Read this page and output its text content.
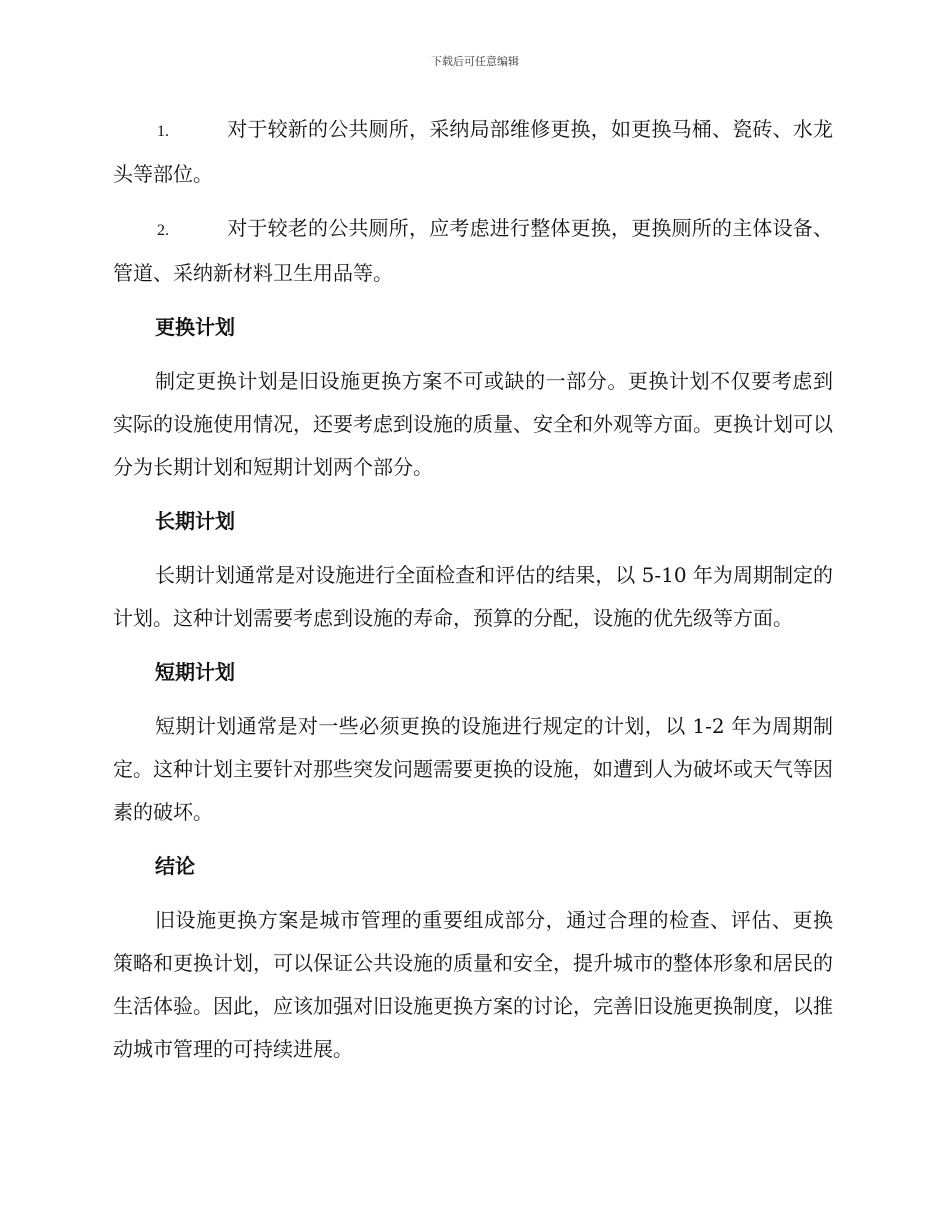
下载后可任意编辑

1.	对于较新的公共厕所，采纳局部维修更换，如更换马桶、瓷砖、水龙头等部位。

2.	对于较老的公共厕所，应考虑进行整体更换，更换厕所的主体设备、管道、采纳新材料卫生用品等。

更换计划

制定更换计划是旧设施更换方案不可或缺的一部分。更换计划不仅要考虑到实际的设施使用情况，还要考虑到设施的质量、安全和外观等方面。更换计划可以分为长期计划和短期计划两个部分。

长期计划

长期计划通常是对设施进行全面检查和评估的结果，以 5-10 年为周期制定的计划。这种计划需要考虑到设施的寿命，预算的分配，设施的优先级等方面。

短期计划

短期计划通常是对一些必须更换的设施进行规定的计划，以 1-2 年为周期制定。这种计划主要针对那些突发问题需要更换的设施，如遭到人为破坏或天气等因素的破坏。

结论

旧设施更换方案是城市管理的重要组成部分，通过合理的检查、评估、更换策略和更换计划，可以保证公共设施的质量和安全，提升城市的整体形象和居民的生活体验。因此，应该加强对旧设施更换方案的讨论，完善旧设施更换制度，以推动城市管理的可持续进展。
